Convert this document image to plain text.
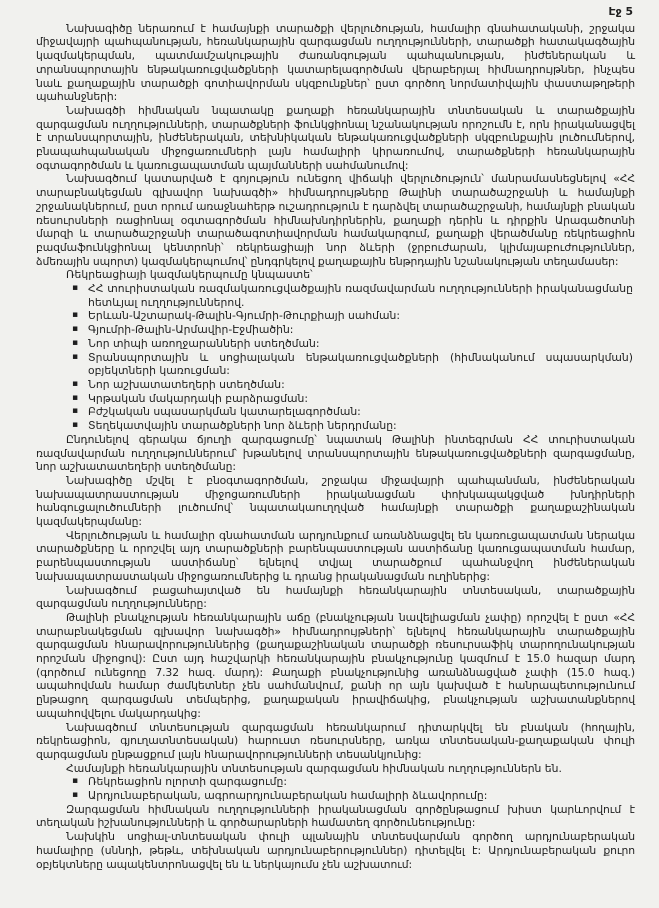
Էջ 5

Նախագիծը ներառում է համայնքի տարածքի վերլուծության, համալիր գնահատականի, շրջակա միջավայրի պահպանության, հեռանկարային զարգացման ուղղությունների, տարածքի հատակագծային կազմակերպման, պատմամշակութային ժառանգության պահպանության, ինժեներական և տրանսպորտային ենթակառուցվածքների կատարելագործման վերաբերյալ հիմնադրույթներ, ինչպես նաև քաղաքային տարածքի գոտիավորման սկզբունքներ՝ ըստ գործող նորմատիվային փաստաթղթերի պահանջների:

Նախագծի հիմնական նպատակը քաղաքի հեռանկարային տնտեսական և տարածքային զարգացման ուղղությունների, տարածքների ֆունկցիոնալ նշանակության որոշումն է, որն իրականացվել է տրանսպորտային, ինժեներական, տեխնիկական ենթակառուցվածքների սկզբունքային լուծումներով, բնապահպանական միջոցառումների լայն համալիրի կիրառումով, տարածքների հեռանկարային օգտագործման և կառուցապատման պայմանների սահմանումով:

Նախագծում կատարված է գոյություն ունեցող վիճակի վերլուծություն՝ մանրամասնեցնելով «ՀՀ տարաբնակեցման գլխավոր նախագծի» հիմնադրույթները Թալինի տարածաշրջանի և համայնքի շրջանակներում, ըստ որում առաջնահերթ ուշադրություն է դարձվել տարածաշրջանի, համայնքի բնական ռեսուրսների ռացիոնալ օգտագործման հիմնախնդիրներին, քաղաքի դերին և դիրքին Արագածոտնի մարզի և տարածաշրջանի տարածագոտիավորման համակարգում, քաղաքի վերածմանը ռեկրեացիոն բազմաֆունկցիոնալ կենտրոնի՝ ռեկրեացիայի նոր ձևերի (ջրբուժարան, կլիմայաբուժություններ, ձմեռային սպորտ) կազմակերպումով՝ ընդգրկելով քաղաքային ենթրդային նշանակության տեղամասեր:

Ռեկրեացիայի կազմակերպումը կնպաստե՝

▪ ՀՀ տուրիստական ռազմակառուցվածքային ռազմավարման ուղղությունների իրականացմանը հետևյալ ուղղություններով.
▪ Երևան-Աշտարակ-Թալին-Գյումրի-Թուրքիայի սահման:
▪ Գյումրի-Թալին-Արմավիր-Էջմիածին:
▪ Նոր տիպի առողջարանների ստեղծման:
▪ Տրանսպորտային և սոցիալական ենթակառուցվածքների (հիմնականում սպասարկման) օբյեկտների կառուցման:
▪ Նոր աշխատատեղերի ստեղծման:
▪ Կրթական մակարդակի բարձրացման:
▪ Բժշկական սպասարկման կատարելագործման:
▪ Տեղեկատվային տարածքների նոր ձևերի ներդրմանը:

Ընդունելով գերակա ճյուղի զարգացումը՝ նպատակ Թալինի ինտեգրման ՀՀ տուրիստական ռազմավարման ուղղություններում՝ խթանելով տրանսպորտային ենթակառուցվածքների զարգացմանը, նոր աշխատատեղերի ստեղծմանը:

Նախագիծը մշվել է բնօգտագործման, շրջակա միջավայրի պահպանման, ինժեներական նախապատրաստության միջոցառումների իրականացման փոխկապակցված խնդիրների հանգուցալուծումների լուծումով՝ նպատակաուղղված համայնքի տարածքի քաղաքաշինական կազմակերպմանը:

Վերլուծության և համալիր գնահատման արդյունքում առանձնացվել են կառուցապատման ներակա տարածքները և որոշվել այդ տարածքների բարենպաստության աստիճանը կառուցապատման համար, բարենպաստության աստիճանը՝ ելնելով տվյալ տարածքում պահանջվող ինժեներական նախապատրաստական միջոցառումներից և դրանց իրականացման ուղիներից:

Նախագծում բացահայտված են համայնքի հեռանկարային տնտեսական, տարածքային զարգացման ուղղությունները:

Թալինի բնակչության հեռանկարային աճը (բնակչության նավելիացման չափը) որոշվել է ըստ «ՀՀ տարաբնակեցման գլխավոր նախագծի» հիմնադրույթների՝ ելնելով հեռանկարային տարածքային զարգացման հնարավորություններից (քաղաքաշինական տարածքի ռեսուրսաֆիկ տարողունակության որոշման միջոցով): Ըստ այդ հաշվարկի հեռանկարային բնակչությունը կազմում է 15.0 հազար մարդ (գործում ունեցողը 7.32 հազ. մարդ): Քաղաքի բնակչությունից առանձնացված չափի (15.0 հազ.) ապահովման համար ժամկետներ չեն սահմանվում, քանի որ այն կախված է հանրապետությունում ընթացող զարգացման տեմպերից, քաղաքական իրավիճակից, բնակչության աշխատանքներով ապահովվելու մակարդակից:

Նախագծում տնտեսության զարգացման հեռանկարում դիտարկվել են բնական (հողային, ռեկրեացիոն, գյուղատնտեսական) հարուստ ռեսուրսները, առկա տնտեսական-քաղաքական փուլի զարգացման ընթացքում լայն հնարավորությունների տեսանկյունից:

Համայնքի հեռանկարային տնտեսության զարգացման հիմնական ուղղություններն են.

▪ Ռեկրեացիոն ոլորտի զարգացումը:
▪ Արդյունաբերական, ագրոարդյունաբերական համալիրի ձևավորումը:

Զարգացման հիմնական ուղղությունների իրականացման գործընթացում խիստ կարևորվում է տեղական իշխանությունների և գործարարների համատեղ գործունեությունը:

Նախկին սոցիալ-տնտեսական փուլի պլանային տնտեսվարման գործող արդյունաբերական համալիրը (սննդի, թեթև, տեխնական արդյունաբերություններ) դիտելվել է: Արդյունաբերական քուրո օբյեկտները ապակենտրոնացվել են և ներկայումս չեն աշխատում:
